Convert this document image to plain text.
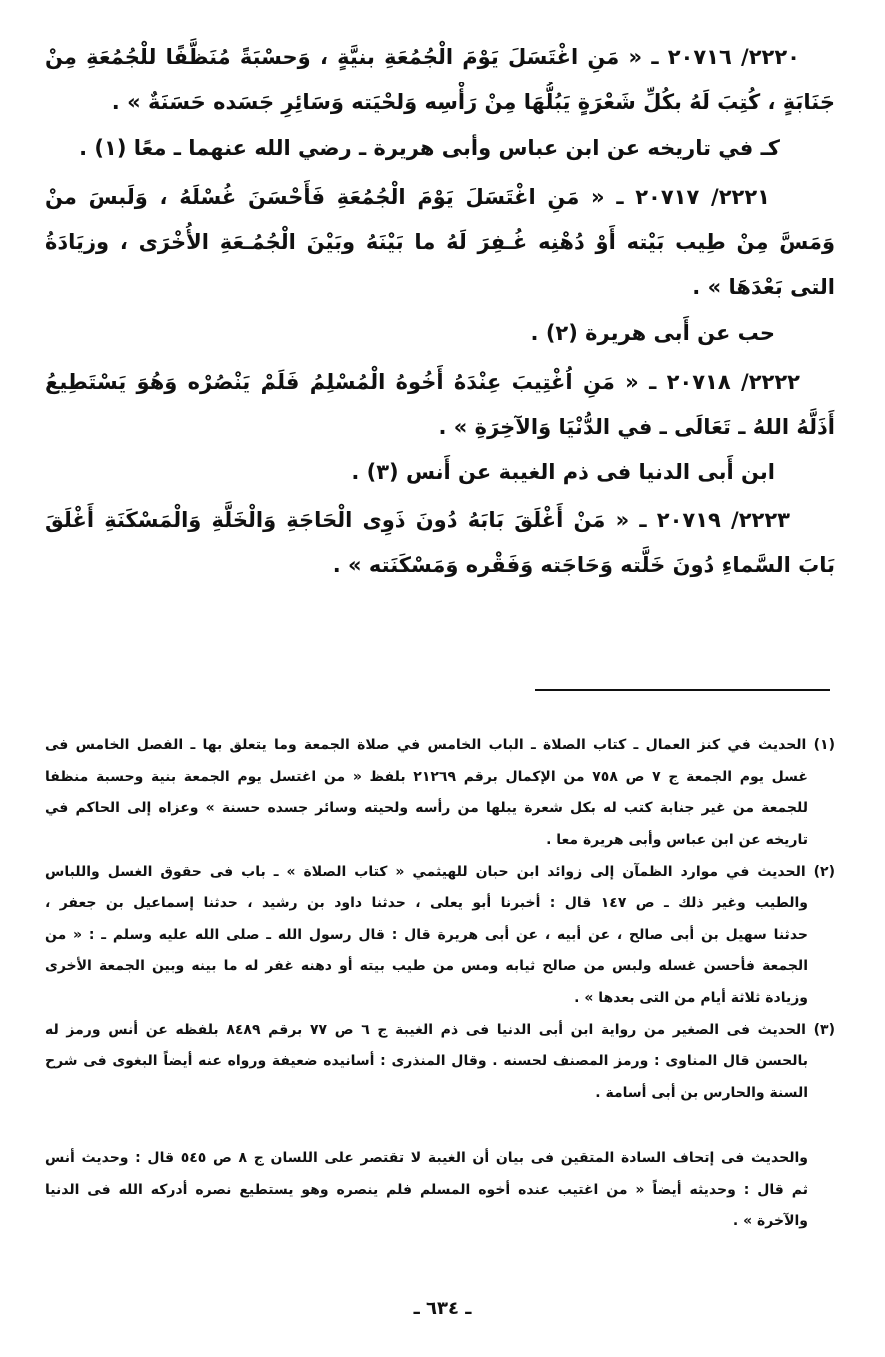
٢٢٢٠/ ٢٠٧١٦ ـ « مَنِ اغْتَسَلَ يَوْمَ الْجُمُعَةِ بنيَّةٍ ، وَحسْبَةً مُنَظَّفًا للْجُمُعَةِ مِنْ
جَنَابَةٍ ، كُتِبَ لَهُ بكُلِّ شَعْرَةٍ يَبُلُّهَا مِنْ رَأْسِه وَلحْيَته وَسَائِرِ جَسَده حَسَنَةٌ » .
كـ في تاريخه عن ابن عباس وأبى هريرة ـ رضي الله عنهما ـ معًا (١) .
٢٢٢١/ ٢٠٧١٧ ـ « مَنِ اغْتَسَلَ يَوْمَ الْجُمُعَةِ فَأَحْسَنَ غُسْلَهُ ، وَلَبسَ منْ
وَمَسَّ مِنْ طِيب بَيْته أَوْ دُهْنِه غُـفِرَ لَهُ ما بَيْنَهُ وبَيْنَ الْجُمُـعَةِ الأُخْرَى ، وزيَادَةُ
التى بَعْدَهَا » .
حب عن أَبى هريرة (٢) .
٢٢٢٢/ ٢٠٧١٨ ـ « مَنِ اُغْتِيبَ عِنْدَهُ أَخُوهُ الْمُسْلِمُ فَلَمْ يَنْصُرْه وَهُوَ يَسْتَطِيعُ
أَذَلَّهُ اللهُ ـ تَعَالَى ـ في الدُّنْيَا وَالآخِرَةِ » .
ابن أَبى الدنيا فى ذم الغيبة عن أَنس (٣) .
٢٢٢٣/ ٢٠٧١٩ ـ « مَنْ أَغْلَقَ بَابَهُ دُونَ ذَوِى الْحَاجَةِ وَالْخَلَّةِ وَالْمَسْكَنَةِ أَغْلَقَ
بَابَ السَّماءِ دُونَ خَلَّته وَحَاجَته وَفَقْره وَمَسْكَنَته » .
(١) الحديث في كنز العمال ـ كتاب الصلاة ـ الباب الخامس في صلاة الجمعة وما يتعلق بها ـ الفصل الخامس فى
غسل يوم الجمعة ج ٧ ص ٧٥٨ من الإكمال برقم ٢١٢٦٩ بلفظ « من اغتسل يوم الجمعة بنية وحسبة منظفا
للجمعة من غير جنابة كتب له بكل شعرة يبلها من رأسه ولحيته وسائر جسده حسنة » وعزاه إلى الحاكم في
تاريخه عن ابن عباس وأبى هريرة معا .
(٢) الحديث في موارد الظمآن إلى زوائد ابن حبان للهيثمي « كتاب الصلاة » ـ باب فى حقوق الغسل واللباس
والطيب وغير ذلك ـ ص ١٤٧ قال : أخبرنا أبو يعلى ، حدثنا داود بن رشيد ، حدثنا إسماعيل بن جعفر ،
حدثنا سهيل بن أبى صالح ، عن أبيه ، عن أبى هريرة قال : قال رسول الله ـ صلى الله عليه وسلم ـ : « من
الجمعة فأحسن غسله ولبس من صالح ثيابه ومس من طيب بيته أو دهنه غفر له ما بينه وبين الجمعة الأخرى
وزيادة ثلاثة أيام من التى بعدها » .
(٣) الحديث فى الصغير من رواية ابن أبى الدنيا فى ذم الغيبة ج ٦ ص ٧٧ برقم ٨٤٨٩ بلفظه عن أنس ورمز له
بالحسن قال المناوى : ورمز المصنف لحسنه . وقال المنذرى : أسانيده ضعيفة ورواه عنه أيضاً البغوى فى شرح
السنة والحارس بن أبى أسامة .
والحديث فى إتحاف السادة المتقين فى بيان أن الغيبة لا تقتصر على اللسان ج ٨ ص ٥٤٥ قال : وحديث أنس
ثم قال : وحديثه أيضاً « من اغتيب عنده أخوه المسلم فلم ينصره وهو يستطيع نصره أدركه الله فى الدنيا
والآخرة » .
ـ ٦٣٤ ـ
